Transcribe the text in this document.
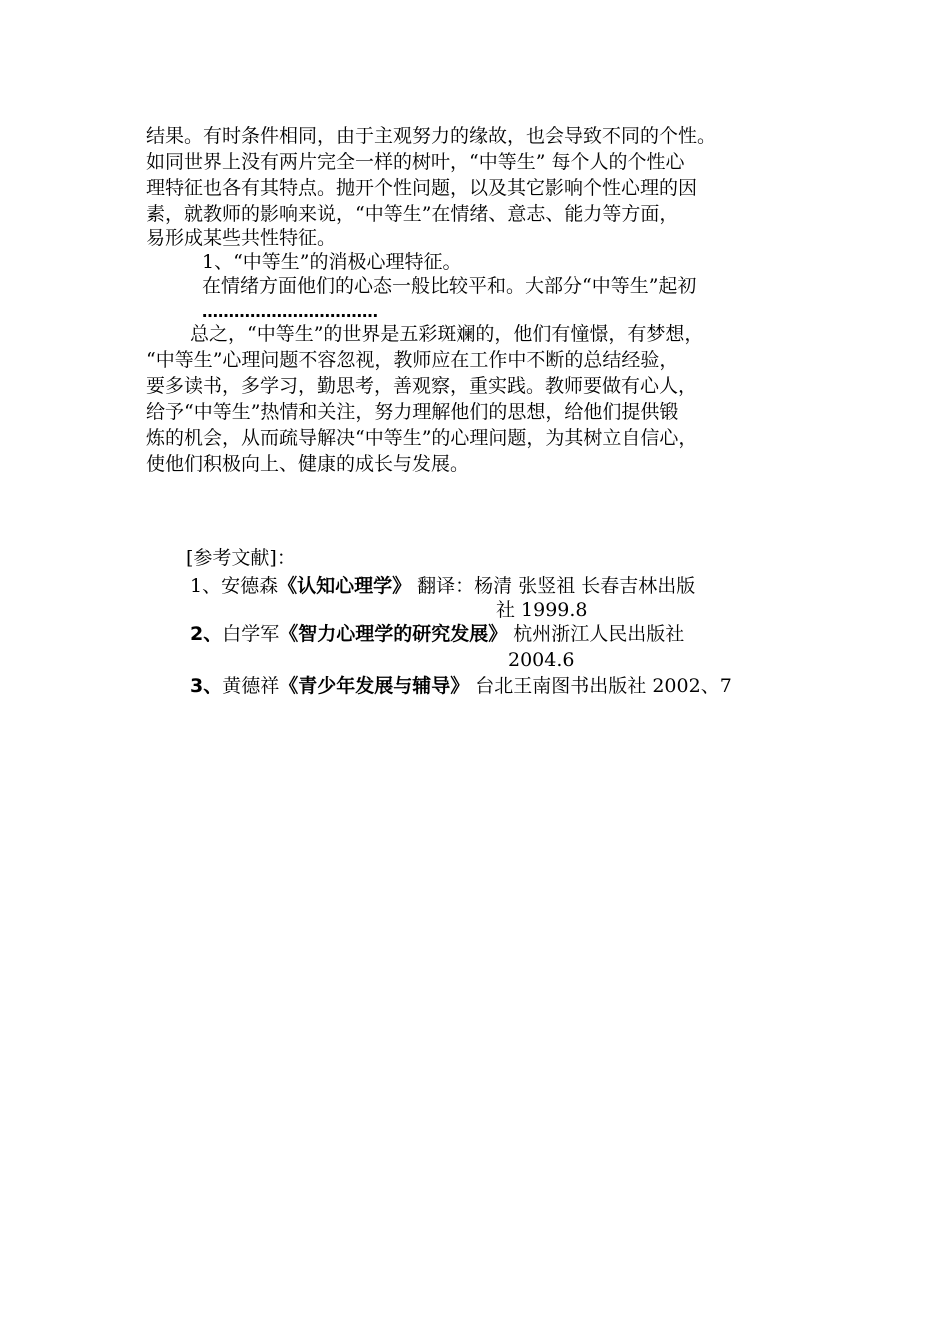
结果。有时条件相同，由于主观努力的缘故，也会导致不同的个性。
如同世界上没有两片完全一样的树叶，“中等生” 每个人的个性心
理特征也各有其特点。抛开个性问题，以及其它影响个性心理的因
素，就教师的影响来说，“中等生”在情绪、意志、能力等方面，
易形成某些共性特征。
1、“中等生”的消极心理特征。
在情绪方面他们的心态一般比较平和。大部分“中等生”起初
……………………………
总之，“中等生”的世界是五彩斑斓的，他们有憧憬，有梦想，
“中等生”心理问题不容忽视，教师应在工作中不断的总结经验，
要多读书，多学习，勤思考，善观察，重实践。教师要做有心人，
给予“中等生”热情和关注，努力理解他们的思想，给他们提供锻
炼的机会，从而疏导解决“中等生”的心理问题，为其树立自信心，
使他们积极向上、健康的成长与发展。
[参考文献]：
1、安德森《认知心理学》 翻译：杨清 张竖祖 长春吉林出版
社 1999.8
2、白学军《智力心理学的研究发展》 杭州浙江人民出版社
2004.6
3、黄德祥《青少年发展与辅导》 台北王南图书出版社 2002、7
